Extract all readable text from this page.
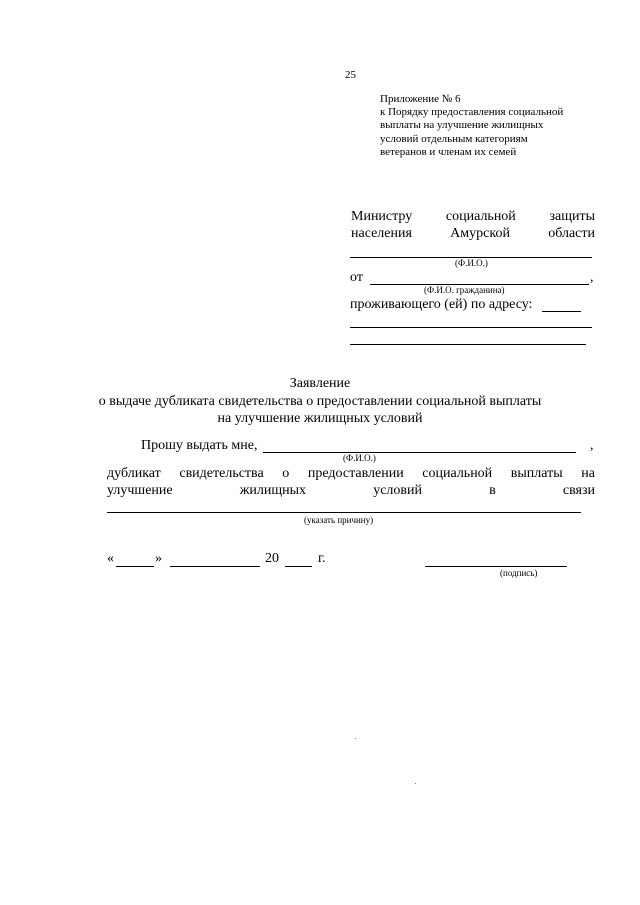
25
Приложение № 6
к Порядку предоставления социальной
выплаты на улучшение жилищных
условий отдельным категориям
ветеранов и членам их семей
Министру социальной защиты
населения	Амурской	области
(Ф.И.О.)
от	,
(Ф.И.О. гражданина)
проживающего (ей) по адресу:
Заявление
о выдаче дубликата свидетельства о предоставлении социальной выплаты
на улучшение жилищных условий
Прошу выдать мне,	,
(Ф.И.О.)
дубликат свидетельства о предоставлении социальной выплаты на
улучшение	жилищных	условий	в	связи
(указать причину)
«	»	20	г.
(подпись)
